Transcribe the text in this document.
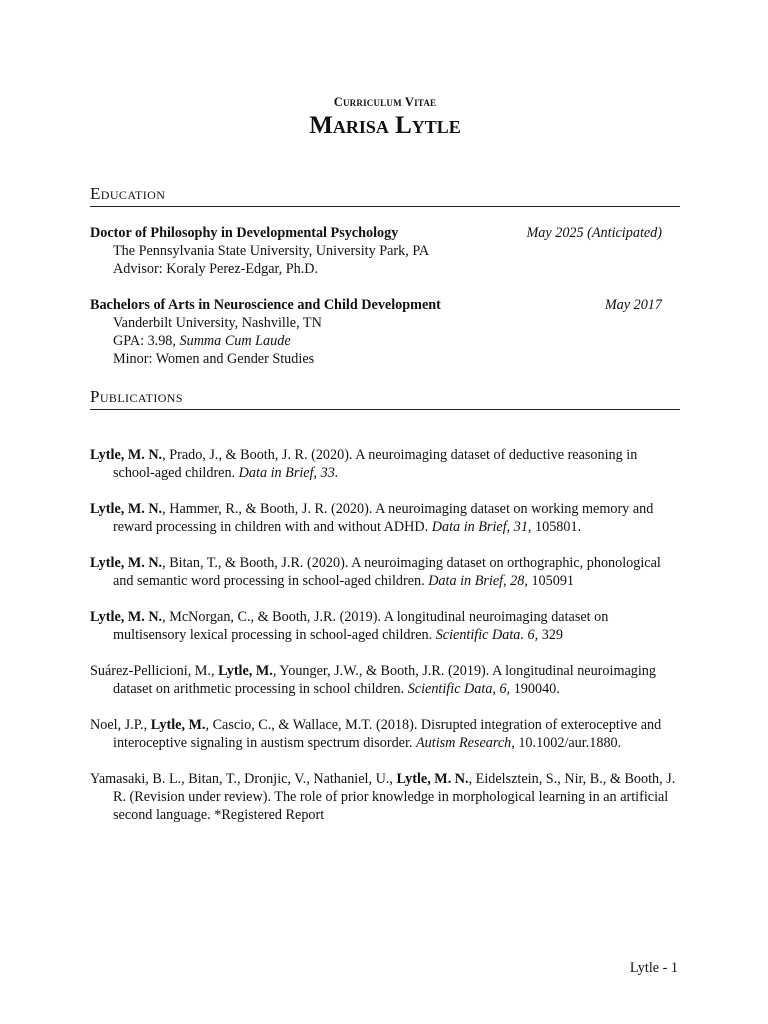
Curriculum Vitae
Marisa Lytle
Education
Doctor of Philosophy in Developmental Psychology	May 2025 (Anticipated)
The Pennsylvania State University, University Park, PA
Advisor: Koraly Perez-Edgar, Ph.D.
Bachelors of Arts in Neuroscience and Child Development	May 2017
Vanderbilt University, Nashville, TN
GPA: 3.98, Summa Cum Laude
Minor: Women and Gender Studies
Publications
Lytle, M. N., Prado, J., & Booth, J. R. (2020). A neuroimaging dataset of deductive reasoning in school-aged children. Data in Brief, 33.
Lytle, M. N., Hammer, R., & Booth, J. R. (2020). A neuroimaging dataset on working memory and reward processing in children with and without ADHD. Data in Brief, 31, 105801.
Lytle, M. N., Bitan, T., & Booth, J.R. (2020). A neuroimaging dataset on orthographic, phonological and semantic word processing in school-aged children. Data in Brief, 28, 105091
Lytle, M. N., McNorgan, C., & Booth, J.R. (2019). A longitudinal neuroimaging dataset on multisensory lexical processing in school-aged children. Scientific Data. 6, 329
Suárez-Pellicioni, M., Lytle, M., Younger, J.W., & Booth, J.R. (2019). A longitudinal neuroimaging dataset on arithmetic processing in school children. Scientific Data, 6, 190040.
Noel, J.P., Lytle, M., Cascio, C., & Wallace, M.T. (2018). Disrupted integration of exteroceptive and interoceptive signaling in austism spectrum disorder. Autism Research, 10.1002/aur.1880.
Yamasaki, B. L., Bitan, T., Dronjic, V., Nathaniel, U., Lytle, M. N., Eidelsztein, S., Nir, B., & Booth, J. R. (Revision under review). The role of prior knowledge in morphological learning in an artificial second language. *Registered Report
Lytle - 1
